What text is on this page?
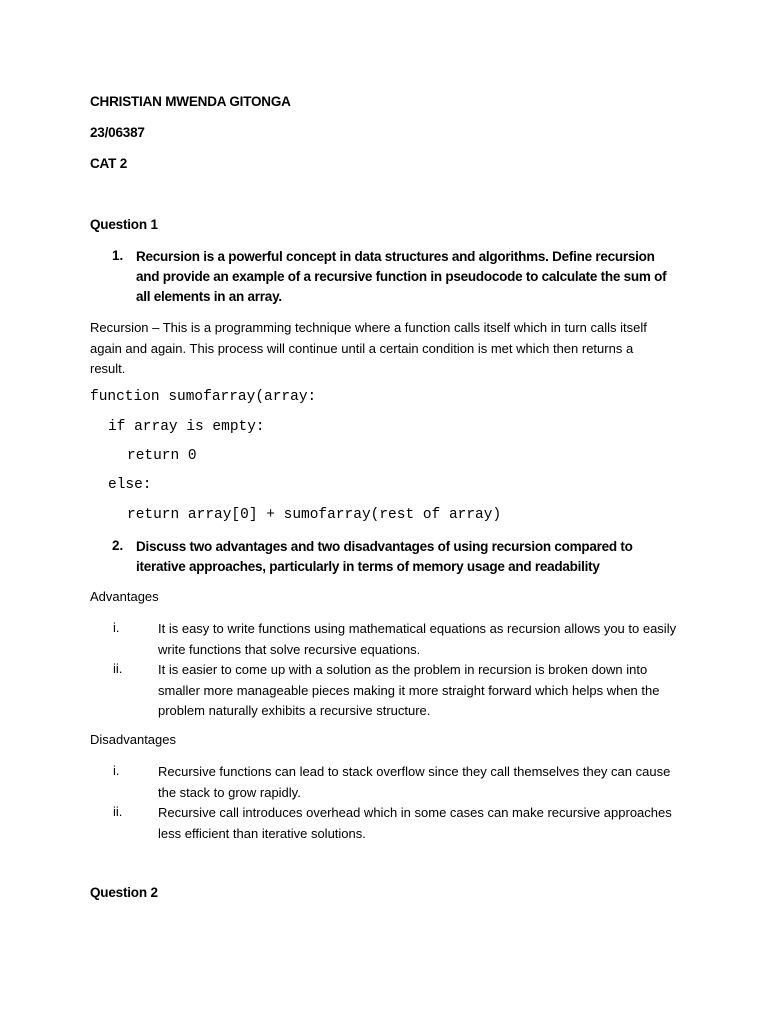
CHRISTIAN MWENDA GITONGA
23/06387
CAT 2
Question 1
1. Recursion is a powerful concept in data structures and algorithms. Define recursion and provide an example of a recursive function in pseudocode to calculate the sum of all elements in an array.
Recursion – This is a programming technique where a function calls itself which in turn calls itself again and again. This process will continue until a certain condition is met which then returns a result.
function sumofarray(array:
if array is empty:
return 0
else:
return array[0] + sumofarray(rest of array)
2. Discuss two advantages and two disadvantages of using recursion compared to iterative approaches, particularly in terms of memory usage and readability
Advantages
i.	It is easy to write functions using mathematical equations as recursion allows you to easily write functions that solve recursive equations.
ii.	It is easier to come up with a solution as the problem in recursion is broken down into smaller more manageable pieces making it more straight forward which helps when the problem naturally exhibits a recursive structure.
Disadvantages
i.	Recursive functions can lead to stack overflow since they call themselves they can cause the stack to grow rapidly.
ii.	Recursive call introduces overhead which in some cases can make recursive approaches less efficient than iterative solutions.
Question 2
